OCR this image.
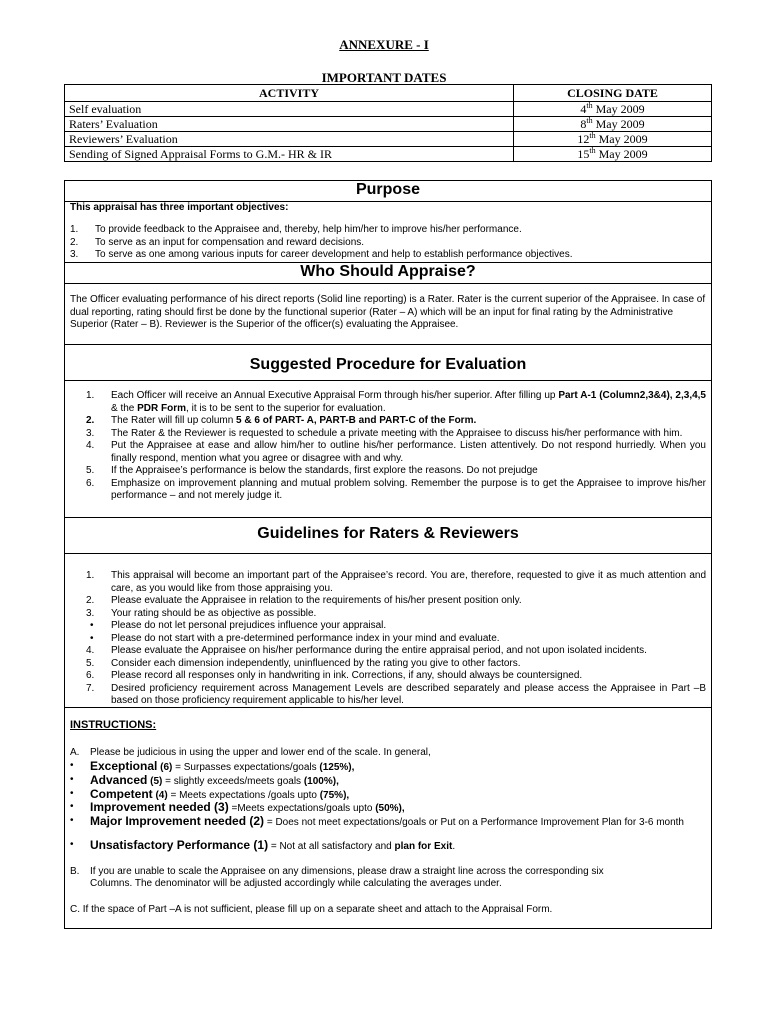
ANNEXURE - I
IMPORTANT DATES
ACTIVITY	CLOSING DATE
Self evaluation	4th May 2009
Raters’ Evaluation	8th May 2009
Reviewers’ Evaluation	12th May 2009
Sending of Signed Appraisal Forms to G.M.- HR & IR	15th May 2009
Purpose
This appraisal has three important objectives:
1.	To provide feedback to the Appraisee and, thereby, help him/her to improve his/her performance.
2.	To serve as an input for compensation and reward decisions.
3.	To serve as one among various inputs for career development and help to establish performance objectives.
Who Should Appraise?
The Officer evaluating performance of his direct reports (Solid line reporting) is a Rater. Rater is the current superior of the Appraisee. In case of dual reporting, rating should first be done by the functional superior (Rater – A) which will be an input for final rating by the Administrative Superior (Rater – B). Reviewer is the Superior of the officer(s) evaluating the Appraisee.
Suggested Procedure for Evaluation
1.	Each Officer will receive an Annual Executive Appraisal Form through his/her superior. After filling up Part A-1 (Column2,3&4), 2,3,4,5 & the PDR Form, it is to be sent to the superior for evaluation.
2.	The Rater will fill up column 5 & 6 of PART- A, PART-B and PART-C of the Form.
3.	The Rater & the Reviewer is requested to schedule a private meeting with the Appraisee to discuss his/her performance with him.
4.	Put the Appraisee at ease and allow him/her to outline his/her performance. Listen attentively. Do not respond hurriedly. When you finally respond, mention what you agree or disagree with and why.
5.	If the Appraisee’s performance is below the standards, first explore the reasons. Do not prejudge
6.	Emphasize on improvement planning and mutual problem solving. Remember the purpose is to get the Appraisee to improve his/her performance – and not merely judge it.
Guidelines for Raters & Reviewers
1.	This appraisal will become an important part of the Appraisee’s record. You are, therefore, requested to give it as much attention and care, as you would like from those appraising you.
2.	Please evaluate the Appraisee in relation to the requirements of his/her present position only.
3.	Your rating should be as objective as possible.
•	Please do not let personal prejudices influence your appraisal.
•	Please do not start with a pre-determined performance index in your mind and evaluate.
4.	Please evaluate the Appraisee on his/her performance during the entire appraisal period, and not upon isolated incidents.
5.	Consider each dimension independently, uninfluenced by the rating you give to other factors.
6.	Please record all responses only in handwriting in ink. Corrections, if any, should always be countersigned.
7.	Desired proficiency requirement across Management Levels are described separately and please access the Appraisee in Part –B based on those proficiency requirement applicable to his/her level.
INSTRUCTIONS:
A.	Please be judicious in using the upper and lower end of the scale. In general,
•	Exceptional (6) = Surpasses expectations/goals (125%),
•	Advanced (5) = slightly exceeds/meets goals (100%),
•	Competent (4) = Meets expectations /goals upto (75%),
•	Improvement needed (3) =Meets expectations/goals upto (50%),
•	Major Improvement needed (2) = Does not meet expectations/goals or Put on a Performance Improvement Plan for 3-6 month
•	Unsatisfactory Performance (1) = Not at all satisfactory and plan for Exit.
B.	If you are unable to scale the Appraisee on any dimensions, please draw a straight line across the corresponding six
Columns. The denominator will be adjusted accordingly while calculating the averages under.
C. If the space of Part –A is not sufficient, please fill up on a separate sheet and attach to the Appraisal Form.
